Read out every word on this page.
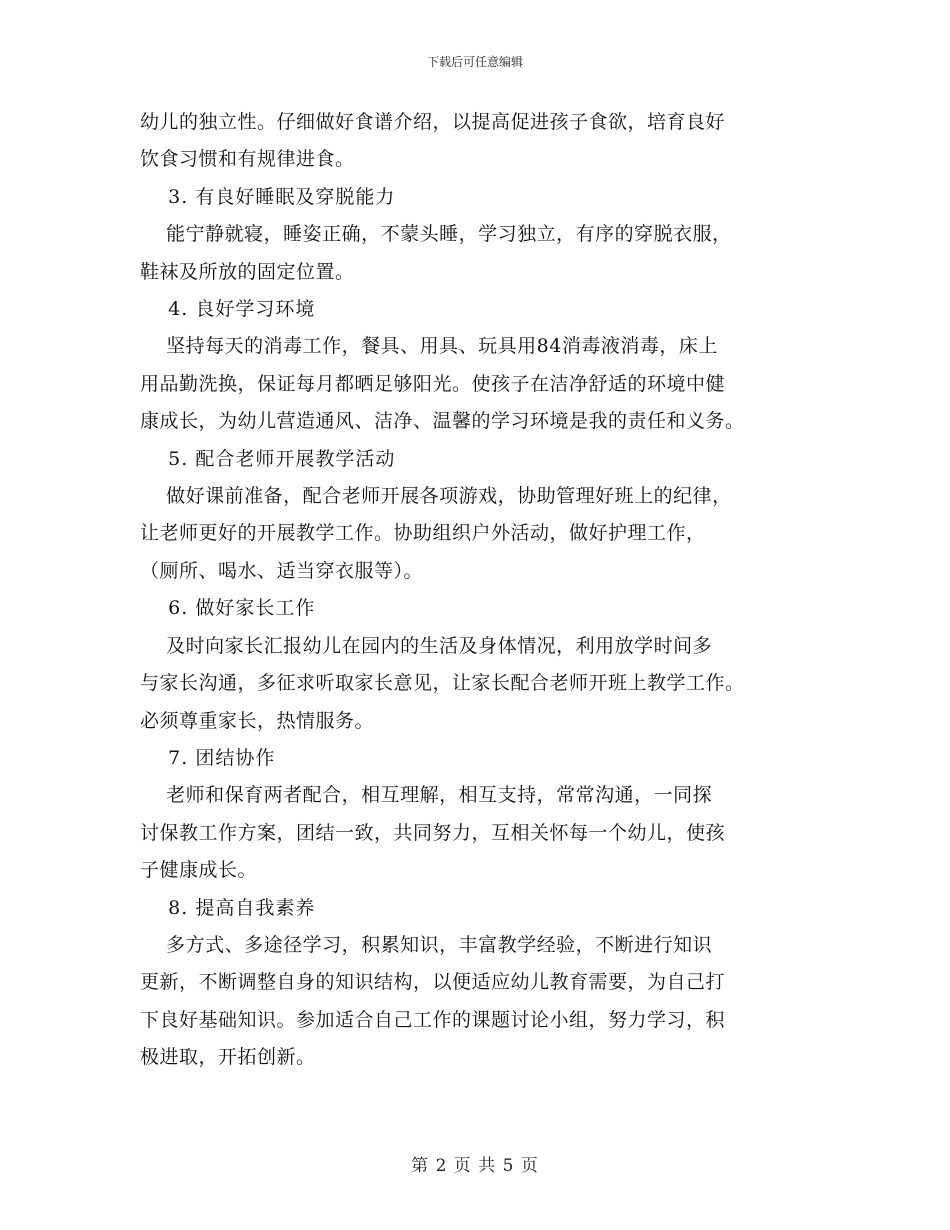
下载后可任意编辑

幼儿的独立性。仔细做好食谱介绍，以提高促进孩子食欲，培育良好

饮食习惯和有规律进食。

3. 有良好睡眠及穿脱能力

能宁静就寝，睡姿正确，不蒙头睡，学习独立，有序的穿脱衣服，

鞋袜及所放的固定位置。

4. 良好学习环境

坚持每天的消毒工作，餐具、用具、玩具用84消毒液消毒，床上

用品勤洗换，保证每月都晒足够阳光。使孩子在洁净舒适的环境中健

康成长，为幼儿营造通风、洁净、温馨的学习环境是我的责任和义务。

5. 配合老师开展教学活动

做好课前准备，配合老师开展各项游戏，协助管理好班上的纪律，

让老师更好的开展教学工作。协助组织户外活动，做好护理工作，

（厕所、喝水、适当穿衣服等）。

6. 做好家长工作

及时向家长汇报幼儿在园内的生活及身体情况，利用放学时间多

与家长沟通，多征求听取家长意见，让家长配合老师开班上教学工作。

必须尊重家长，热情服务。

7. 团结协作

老师和保育两者配合，相互理解，相互支持，常常沟通，一同探

讨保教工作方案，团结一致，共同努力，互相关怀每一个幼儿，使孩

子健康成长。

8. 提高自我素养

多方式、多途径学习，积累知识，丰富教学经验，不断进行知识

更新，不断调整自身的知识结构，以便适应幼儿教育需要，为自己打

下良好基础知识。参加适合自己工作的课题讨论小组，努力学习，积

极进取，开拓创新。

第 2 页 共 5 页
